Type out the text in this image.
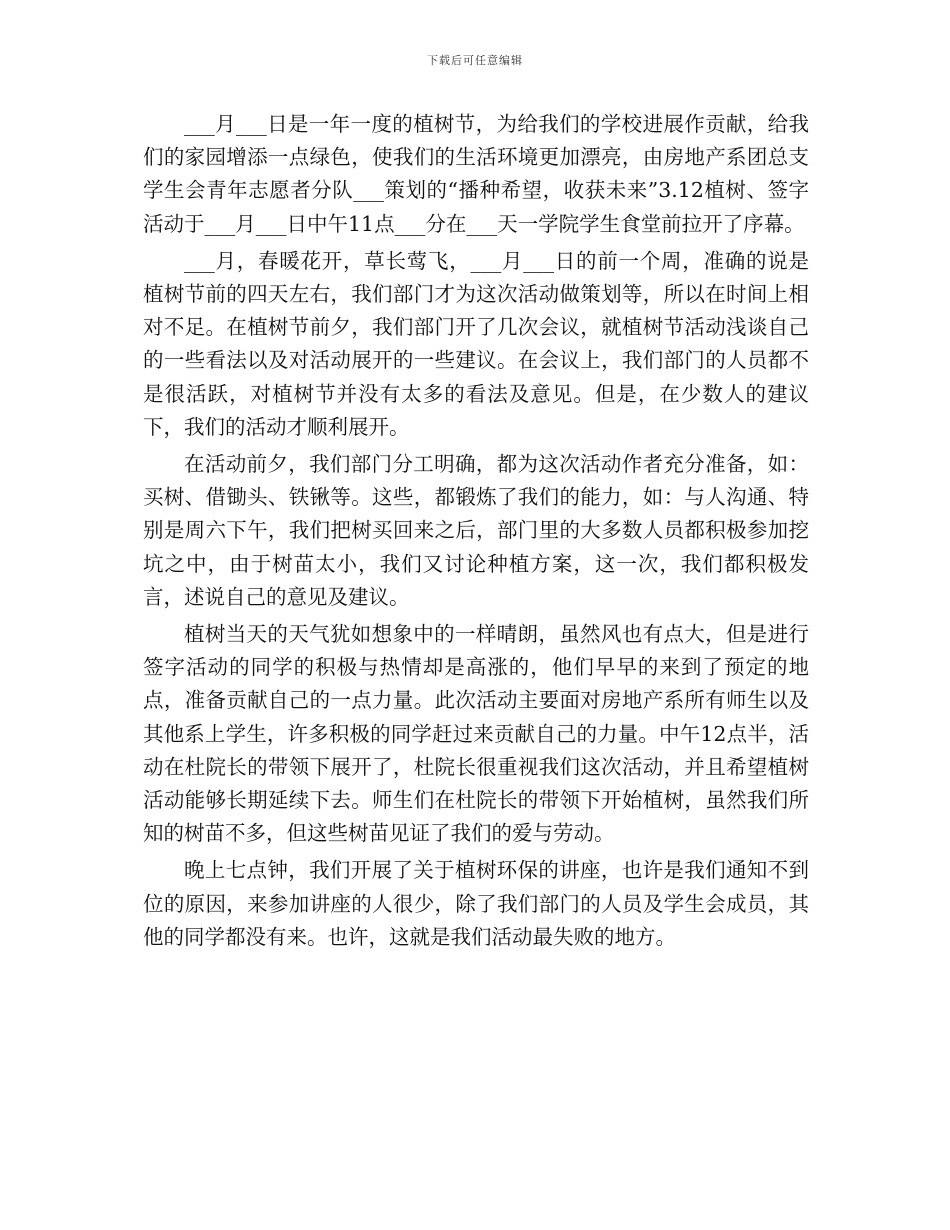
下载后可任意编辑

___月___日是一年一度的植树节，为给我们的学校进展作贡献，给我们的家园增添一点绿色，使我们的生活环境更加漂亮，由房地产系团总支学生会青年志愿者分队___策划的“播种希望，收获未来”3.12植树、签字活动于___月___日中午11点___分在___天一学院学生食堂前拉开了序幕。

___月，春暖花开，草长莺飞，___月___日的前一个周，准确的说是植树节前的四天左右，我们部门才为这次活动做策划等，所以在时间上相对不足。在植树节前夕，我们部门开了几次会议，就植树节活动浅谈自己的一些看法以及对活动展开的一些建议。在会议上，我们部门的人员都不是很活跃，对植树节并没有太多的看法及意见。但是，在少数人的建议下，我们的活动才顺利展开。

在活动前夕，我们部门分工明确，都为这次活动作者充分准备，如：买树、借锄头、铁锹等。这些，都锻炼了我们的能力，如：与人沟通、特别是周六下午，我们把树买回来之后，部门里的大多数人员都积极参加挖坑之中，由于树苗太小，我们又讨论种植方案，这一次，我们都积极发言，述说自己的意见及建议。

植树当天的天气犹如想象中的一样晴朗，虽然风也有点大，但是进行签字活动的同学的积极与热情却是高涨的，他们早早的来到了预定的地点，准备贡献自己的一点力量。此次活动主要面对房地产系所有师生以及其他系上学生，许多积极的同学赶过来贡献自己的力量。中午12点半，活动在杜院长的带领下展开了，杜院长很重视我们这次活动，并且希望植树活动能够长期延续下去。师生们在杜院长的带领下开始植树，虽然我们所知的树苗不多，但这些树苗见证了我们的爱与劳动。

晚上七点钟，我们开展了关于植树环保的讲座，也许是我们通知不到位的原因，来参加讲座的人很少，除了我们部门的人员及学生会成员，其他的同学都没有来。也许，这就是我们活动最失败的地方。
